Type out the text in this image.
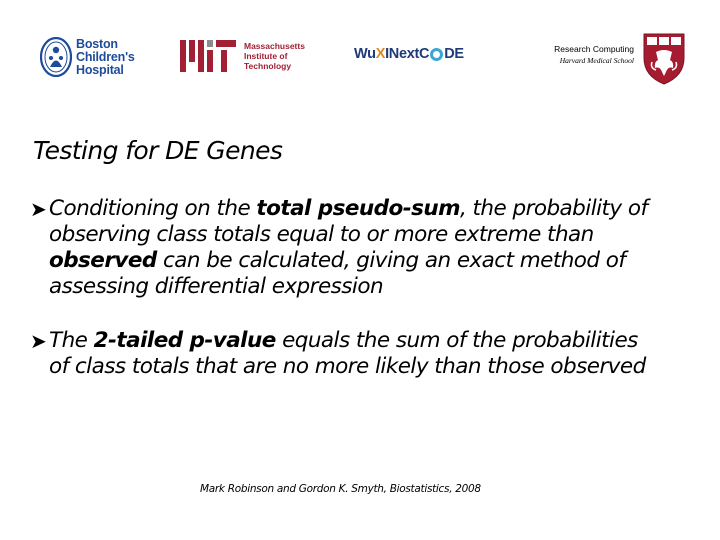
Boston
Children's
Hospital
Massachusetts
Institute of
Technology
Wu X INext C DE	Research Computing
Harvard Medical School
Testing for DE Genes
➤ Conditioning on the total pseudo-sum, the probability of
observing class totals equal to or more extreme than
observed can be calculated, giving an exact method of
assessing differential expression
➤ The 2-tailed p-value equals the sum of the probabilities
of class totals that are no more likely than those observed
Mark Robinson and Gordon K. Smyth, Biostatistics, 2008
